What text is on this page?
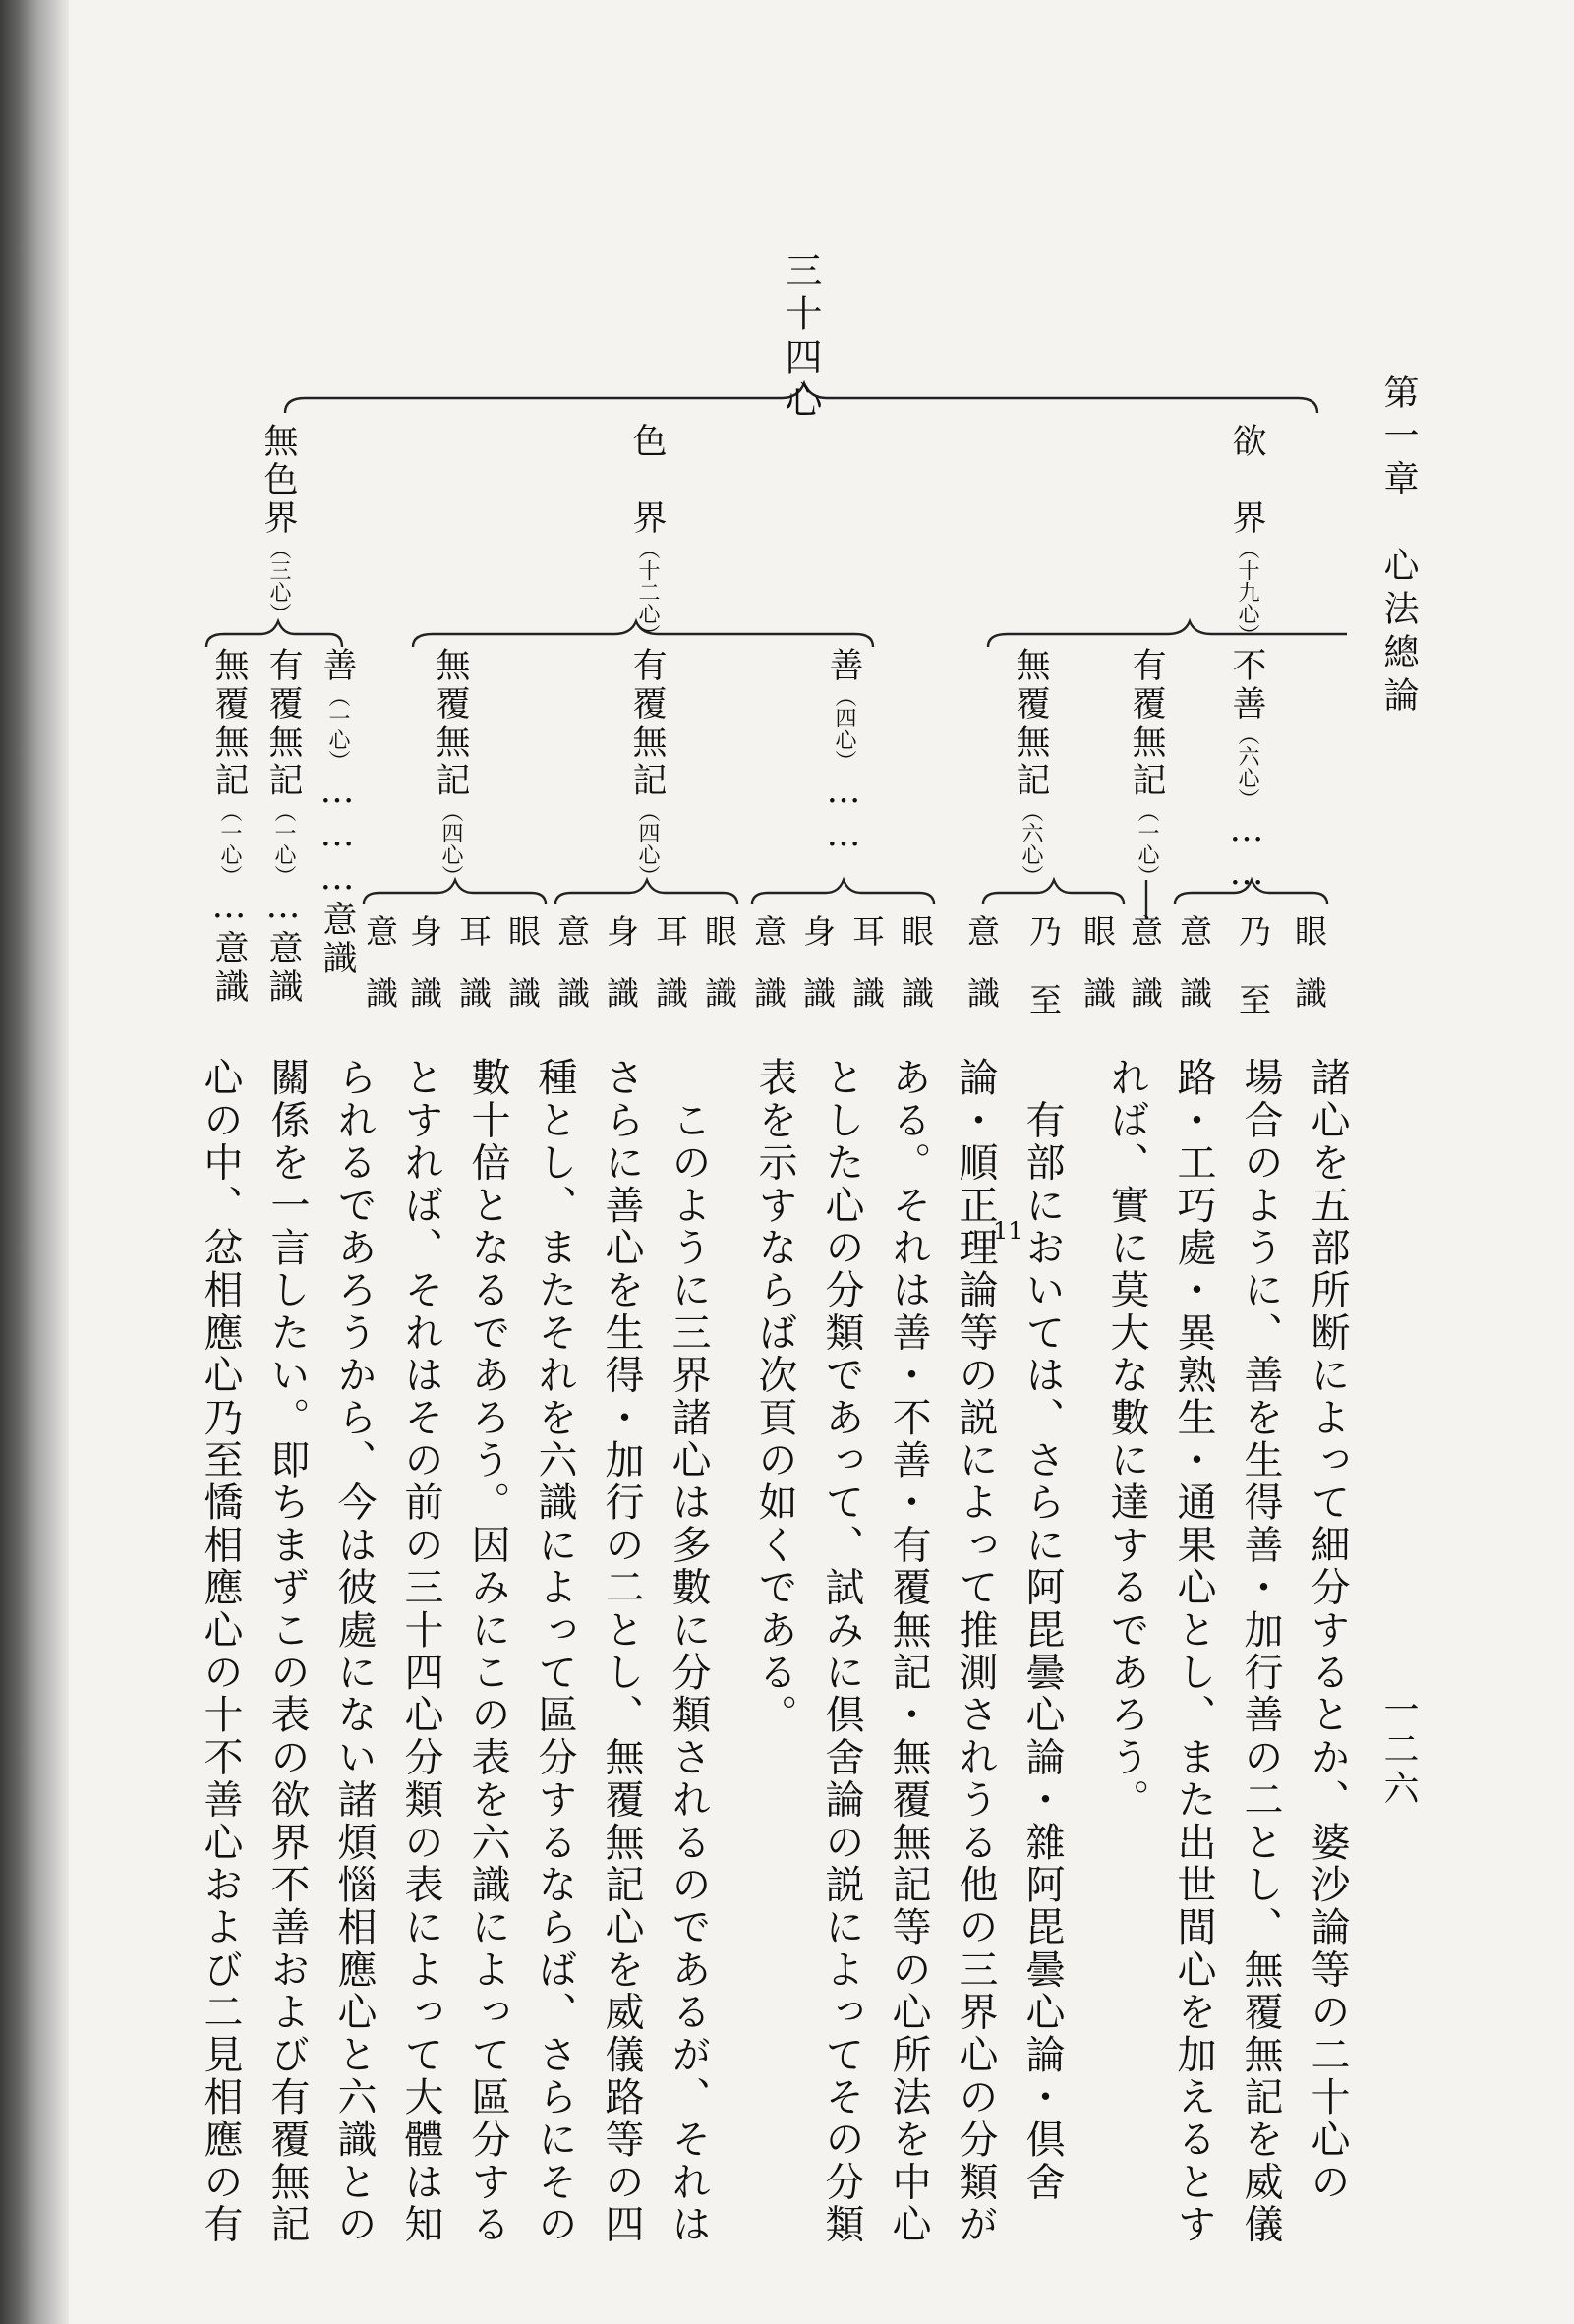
第一章　心法總論
一二六
三十四心
欲　界（十九心）
色　界（十二心）
無色界（三心）
不善（六心）……
有覆無記（一心）
無覆無記（六心）
善（四心）……
有覆無記（四心）
無覆無記（四心）
善（一心）………意識
有覆無記（一心）…意識
無覆無記（一心）…意識	眼識
乃　至
意識
意識
眼識
乃　至
意識
眼識
耳識
身識
意識
眼識
耳識
身識
意識
眼識
耳識
身識
意識
諸心を五部所断によって細分するとか、婆沙論等の二十心の
場合のように、善を生得善・加行善の二とし、無覆無記を威儀
路・工巧處・異熟生・通果心とし、また出世間心を加えるとす
れば、實に莫大な數に達するであろう。
　有部においては、さらに阿毘曇心論・雜阿毘曇心論・倶舍
論・順正理論等の説によって推測されうる他の三界心の分類が
11
ある。それは善・不善・有覆無記・無覆無記等の心所法を中心
とした心の分類であって、試みに倶舍論の説によってその分類
表を示すならば次頁の如くである。
　このように三界諸心は多數に分類されるのであるが、それは
さらに善心を生得・加行の二とし、無覆無記心を威儀路等の四
種とし、またそれを六識によって區分するならば、さらにその
數十倍となるであろう。因みにこの表を六識によって區分する
とすれば、それはその前の三十四心分類の表によって大體は知
られるであろうから、今は彼處にない諸煩惱相應心と六識との
關係を一言したい。即ちまずこの表の欲界不善および有覆無記
心の中、忿相應心乃至憍相應心の十不善心および二見相應の有
